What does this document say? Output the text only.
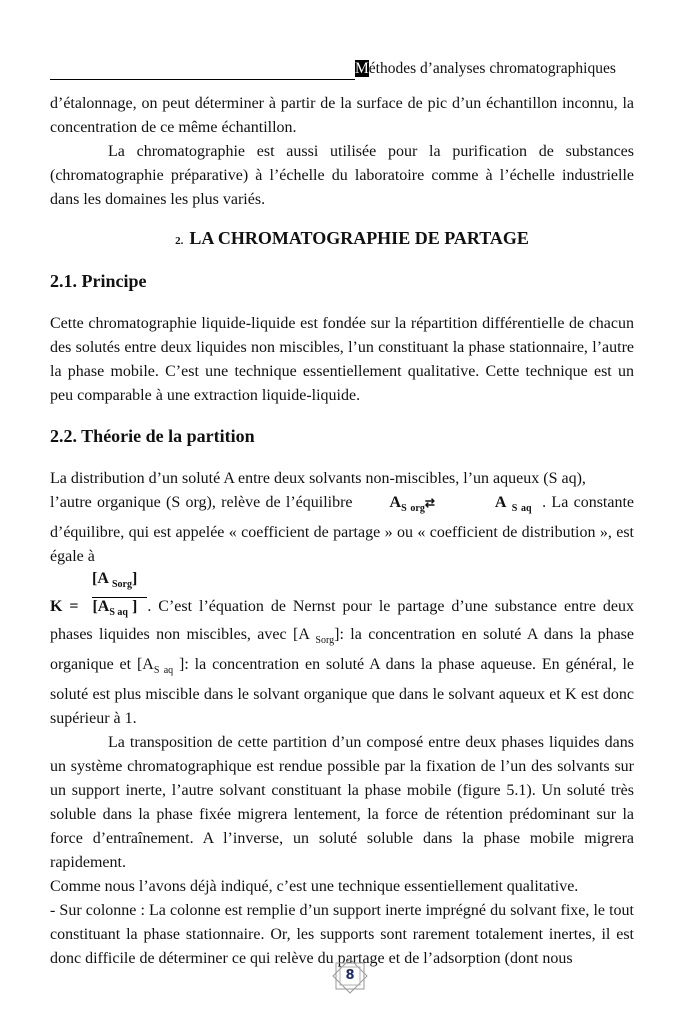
Méthodes d’analyses chromatographiques

d’étalonnage, on peut déterminer à partir de la surface de pic d’un échantillon inconnu, la concentration de ce même échantillon.

La chromatographie est aussi utilisée pour la purification de substances (chromatographie préparative) à l’échelle du laboratoire comme à l’échelle industrielle dans les domaines les plus variés.

2. LA CHROMATOGRAPHIE DE PARTAGE
2.1. Principe

Cette chromatographie liquide-liquide est fondée sur la répartition différentielle de chacun des solutés entre deux liquides non miscibles, l’un constituant la phase stationnaire, l’autre la phase mobile. C’est une technique essentiellement qualitative. Cette technique est un peu comparable à une extraction liquide-liquide.

2.2. Théorie de la partition

La distribution d’un soluté A entre deux solvants non-miscibles, l’un aqueux (S aq),
l’autre organique (S org), relève de l’équilibre $A_{S org}⇄$	A $_{S aq}$ . La constante d’équilibre, qui est appelée « coefficient de partage » ou « coefficient de distribution », est égale à

[A $_{Sorg}$]

$K = [A_{S aq}$ ] . C’est l’équation de Nernst pour le partage d’une substance entre deux phases liquides non miscibles, avec [A $_{Sorg}$]: la concentration en soluté A dans la phase organique et [$A_{S aq}$ ]: la concentration en soluté A dans la phase aqueuse. En général, le soluté est plus miscible dans le solvant organique que dans le solvant aqueux et K est donc supérieur à 1.

La transposition de cette partition d’un composé entre deux phases liquides dans un système chromatographique est rendue possible par la fixation de l’un des solvants sur un support inerte, l’autre solvant constituant la phase mobile (figure 5.1). Un soluté très soluble dans la phase fixée migrera lentement, la force de rétention prédominant sur la force d’entraînement. A l’inverse, un soluté soluble dans la phase mobile migrera rapidement.

Comme nous l’avons déjà indiqué, c’est une technique essentiellement qualitative.

- Sur colonne : La colonne est remplie d’un support inerte imprégné du solvant fixe, le tout constituant la phase stationnaire. Or, les supports sont rarement totalement inertes, il est donc difficile de déterminer ce qui relève du partage et de l’adsorption (dont nous

8
